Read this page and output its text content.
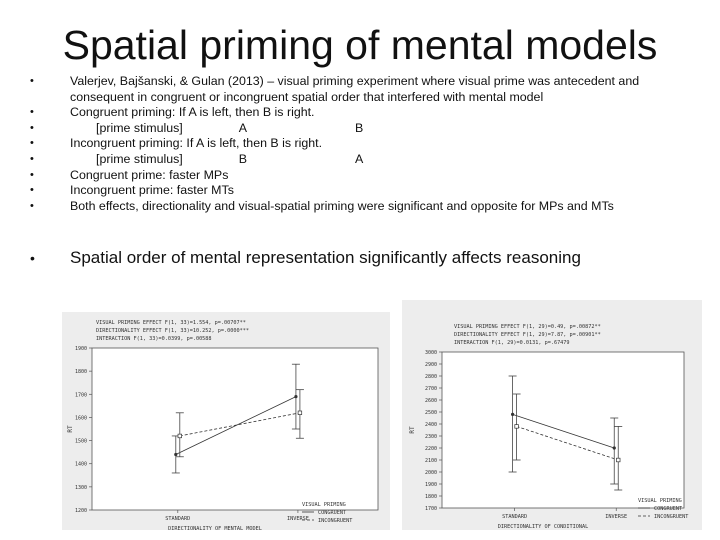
Spatial priming of mental models
•	Valerjev, Bajšanski, & Gulan (2013) – visual priming experiment where visual prime was antecedent and consequent in congruent or incongruent spatial order that interfered with mental model
•	Congruent priming: If A is left, then B is right.
•	[prime stimulus]	A	B
•	Incongruent priming: If A is left, then B is right.
•	[prime stimulus]	B	A
•	Congruent prime: faster MPs
•	Incongruent prime: faster MTs
•	Both effects, directionality and visual-spatial priming were significant and opposite for MPs and MTs
• Spatial order of mental representation significantly affects reasoning
VISUAL PRIMING EFFECT F(1, 33)=1.554, p=.00707**
DIRECTIONALITY EFFECT F(1, 33)=10.252, p=.0000***
INTERACTION F(1, 33)=0.0399, p=.00588
1900
1800
1700
1600
1500
1400
1300
1200
RT
STANDARD	INVERSE
DIRECTIONALITY OF MENTAL MODEL
VISUAL PRIMING
CONGRUENT
INCONGRUENT
VISUAL PRIMING EFFECT F(1, 29)=0.49, p=.00872**
DIRECTIONALITY EFFECT F(1, 29)=7.87, p=.00901**
INTERACTION F(1, 29)=0.0131, p=.67479
3000
2900
2800
2700
2600
2500
2400
2300
2200
2100
2000
1900
1800
1700
RT
STANDARD	INVERSE
DIRECTIONALITY OF CONDITIONAL
VISUAL PRIMING
CONGRUENT
INCONGRUENT
